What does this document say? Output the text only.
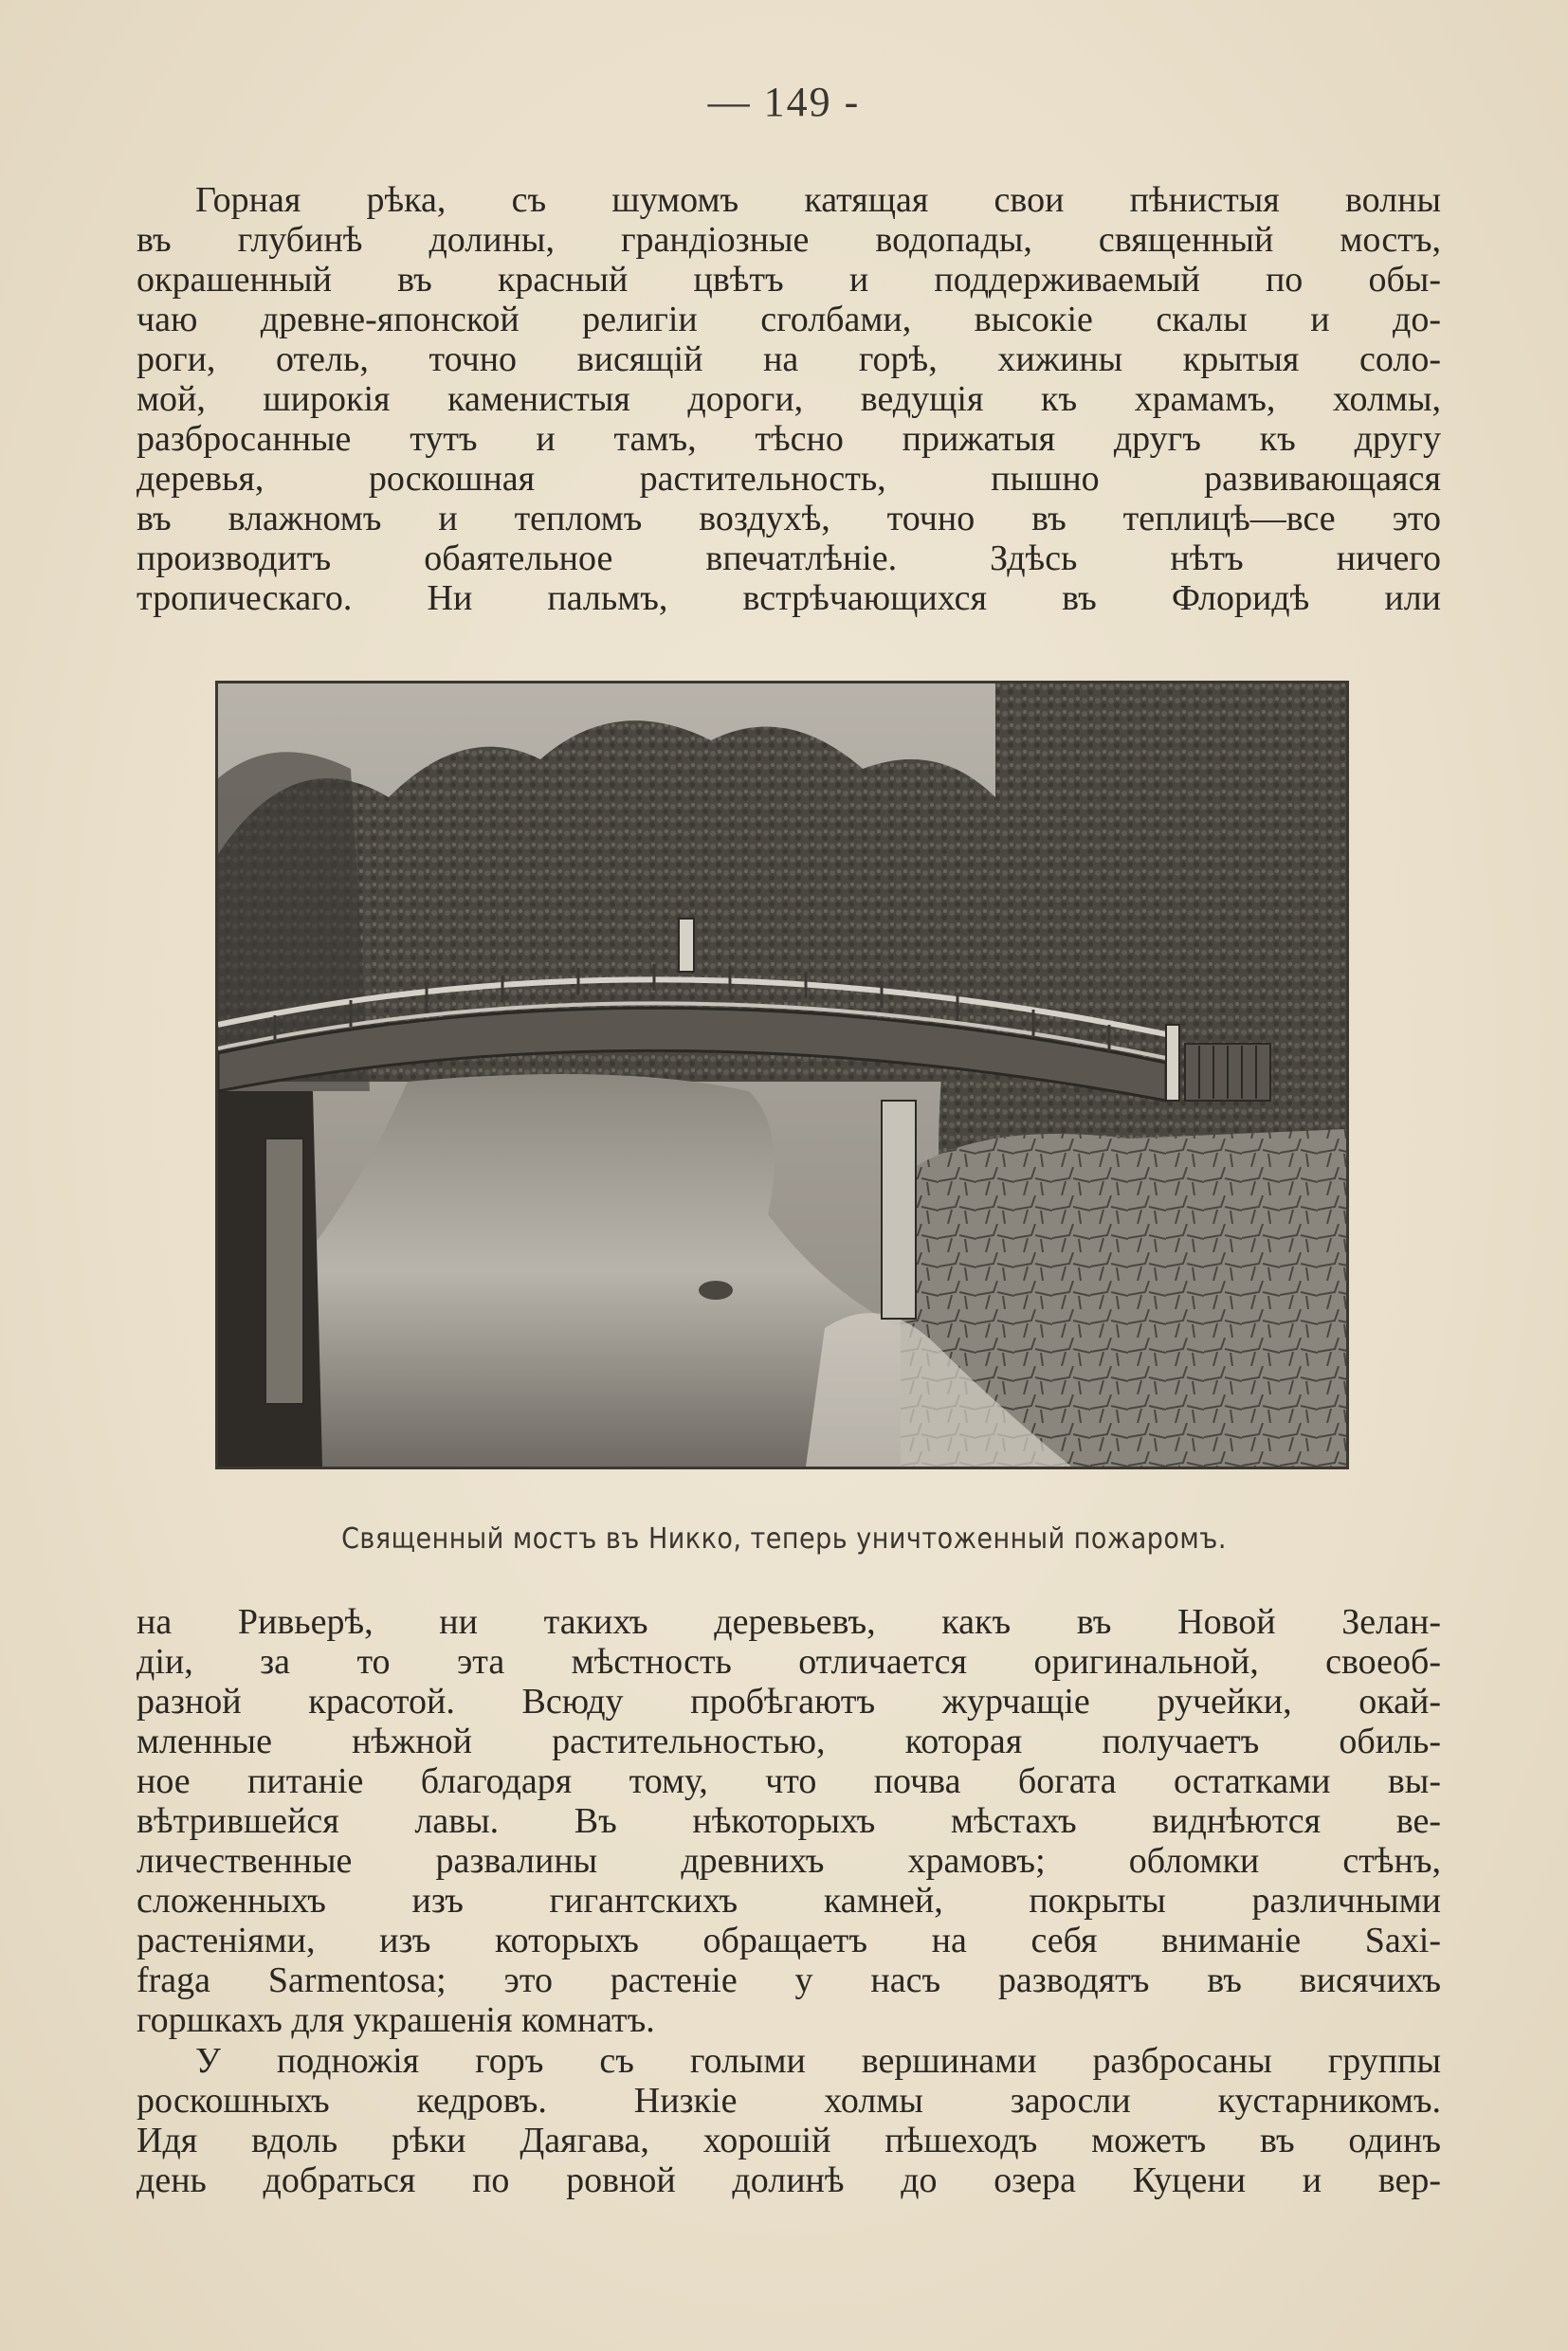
— 149 -
Горная рѣка, съ шумомъ катящая свои пѣнистыя волны
въ глубинѣ долины, грандіозные водопады, священный мостъ,
окрашенный въ красный цвѣтъ и поддерживаемый по обы-
чаю древне-японской религіи сголбами, высокіе скалы и до-
роги, отель, точно висящій на горѣ, хижины крытыя соло-
мой, широкія каменистыя дороги, ведущія къ храмамъ, холмы,
разбросанные тутъ и тамъ, тѣсно прижатыя другъ къ другу
деревья, роскошная растительность, пышно развивающаяся
въ влажномъ и тепломъ воздухѣ, точно въ теплицѣ—все это
производитъ обаятельное впечатлѣніе. Здѣсь нѣтъ ничего
тропическаго. Ни пальмъ, встрѣчающихся въ Флоридѣ или
Священный мостъ въ Никко, теперь уничтоженный пожаромъ.
на Ривьерѣ, ни такихъ деревьевъ, какъ въ Новой Зелан-
діи, за то эта мѣстность отличается оригинальной, своеоб-
разной красотой. Всюду пробѣгаютъ журчащіе ручейки, окай-
мленные нѣжной растительностью, которая получаетъ обиль-
ное питаніе благодаря тому, что почва богата остатками вы-
вѣтрившейся лавы. Въ нѣкоторыхъ мѣстахъ виднѣются ве-
личественные развалины древнихъ храмовъ; обломки стѣнъ,
сложенныхъ изъ гигантскихъ камней, покрыты различными
растеніями, изъ которыхъ обращаетъ на себя вниманіе Saxi-
fraga Sarmentosa; это растеніе у насъ разводятъ въ висячихъ
горшкахъ для украшенія комнатъ.
У подножія горъ съ голыми вершинами разбросаны группы
роскошныхъ кедровъ. Низкіе холмы заросли кустарникомъ.
Идя вдоль рѣки Даягава, хорошій пѣшеходъ можетъ въ одинъ
день добраться по ровной долинѣ до озера Куцени и вер-
